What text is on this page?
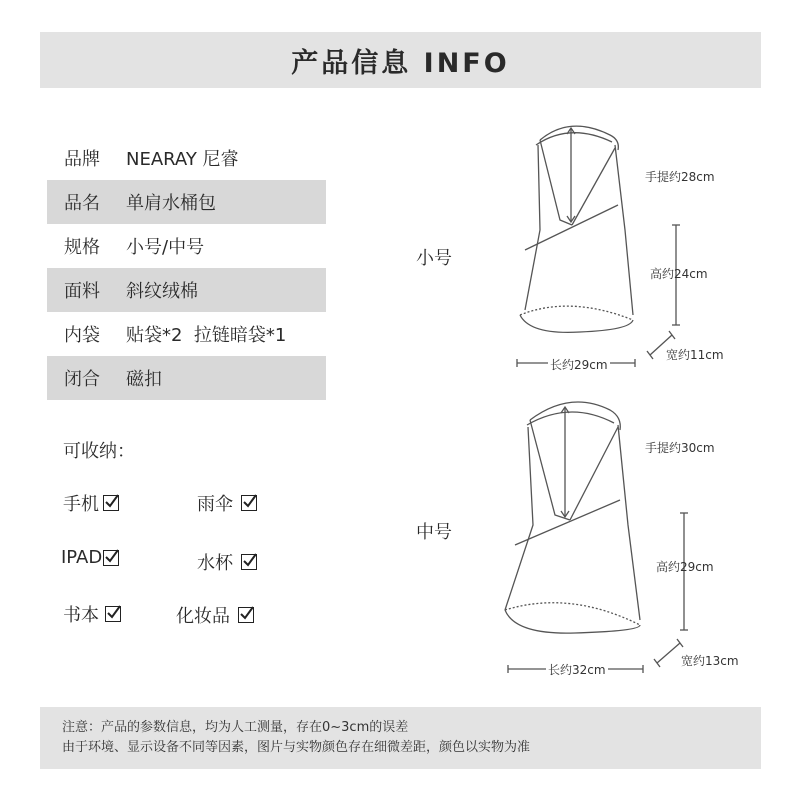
产品信息 INFO
品牌	NEARAY 尼睿
品名	单肩水桶包
规格	小号/中号
面料	斜纹绒棉
内袋	贴袋*2  拉链暗袋*1
闭合	磁扣
可收纳：
手机	雨伞
IPAD	水杯
书本	化妆品
小号
中号
手提约28cm
高约24cm
长约29cm
宽约11cm
手提约30cm
高约29cm
长约32cm
宽约13cm
注意：产品的参数信息，均为人工测量，存在0~3cm的误差
由于环境、显示设备不同等因素，图片与实物颜色存在细微差距，颜色以实物为准
